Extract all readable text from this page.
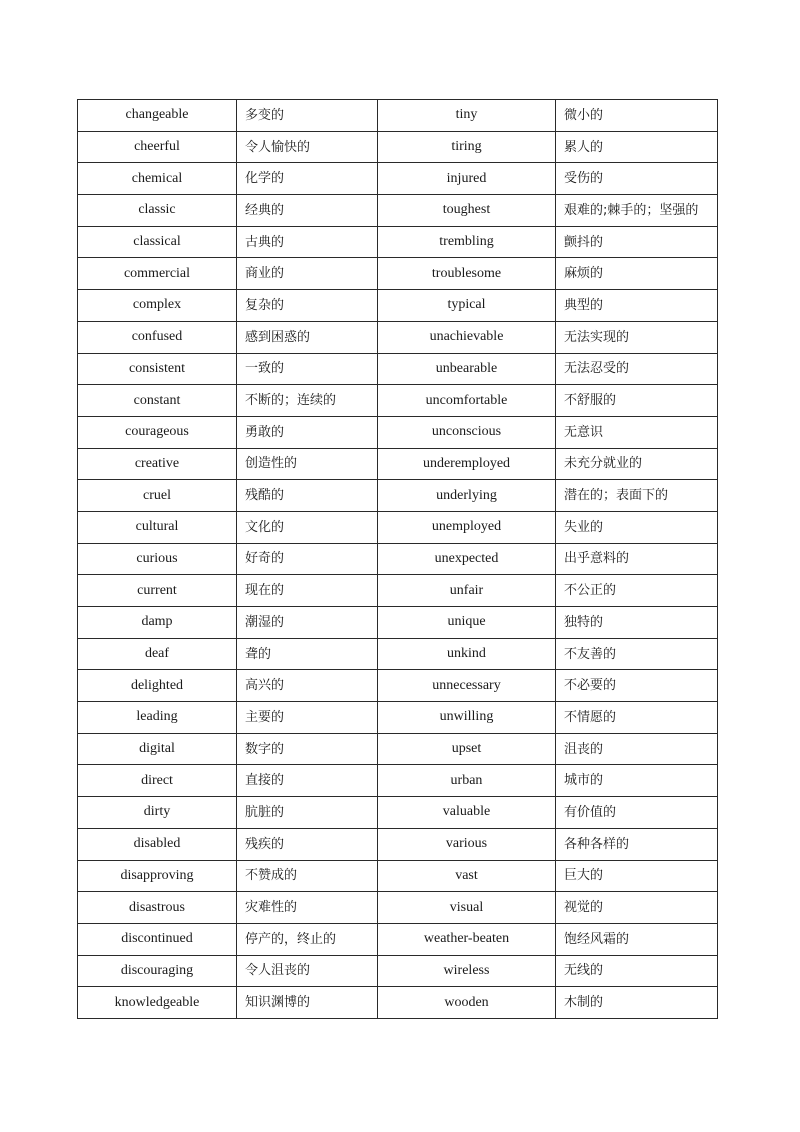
changeable	多变的	tiny	微小的
cheerful	令人愉快的	tiring	累人的
chemical	化学的	injured	受伤的
classic	经典的	toughest	艰难的;棘手的；坚强的
classical	古典的	trembling	颤抖的
commercial	商业的	troublesome	麻烦的
complex	复杂的	typical	典型的
confused	感到困惑的	unachievable	无法实现的
consistent	一致的	unbearable	无法忍受的
constant	不断的；连续的	uncomfortable	不舒服的
courageous	勇敢的	unconscious	无意识
creative	创造性的	underemployed	未充分就业的
cruel	残酷的	underlying	潜在的；表面下的
cultural	文化的	unemployed	失业的
curious	好奇的	unexpected	出乎意料的
current	现在的	unfair	不公正的
damp	潮湿的	unique	独特的
deaf	聋的	unkind	不友善的
delighted	高兴的	unnecessary	不必要的
leading	主要的	unwilling	不情愿的
digital	数字的	upset	沮丧的
direct	直接的	urban	城市的
dirty	肮脏的	valuable	有价值的
disabled	残疾的	various	各种各样的
disapproving	不赞成的	vast	巨大的
disastrous	灾难性的	visual	视觉的
discontinued	停产的，终止的	weather-beaten	饱经风霜的
discouraging	令人沮丧的	wireless	无线的
knowledgeable	知识渊博的	wooden	木制的
